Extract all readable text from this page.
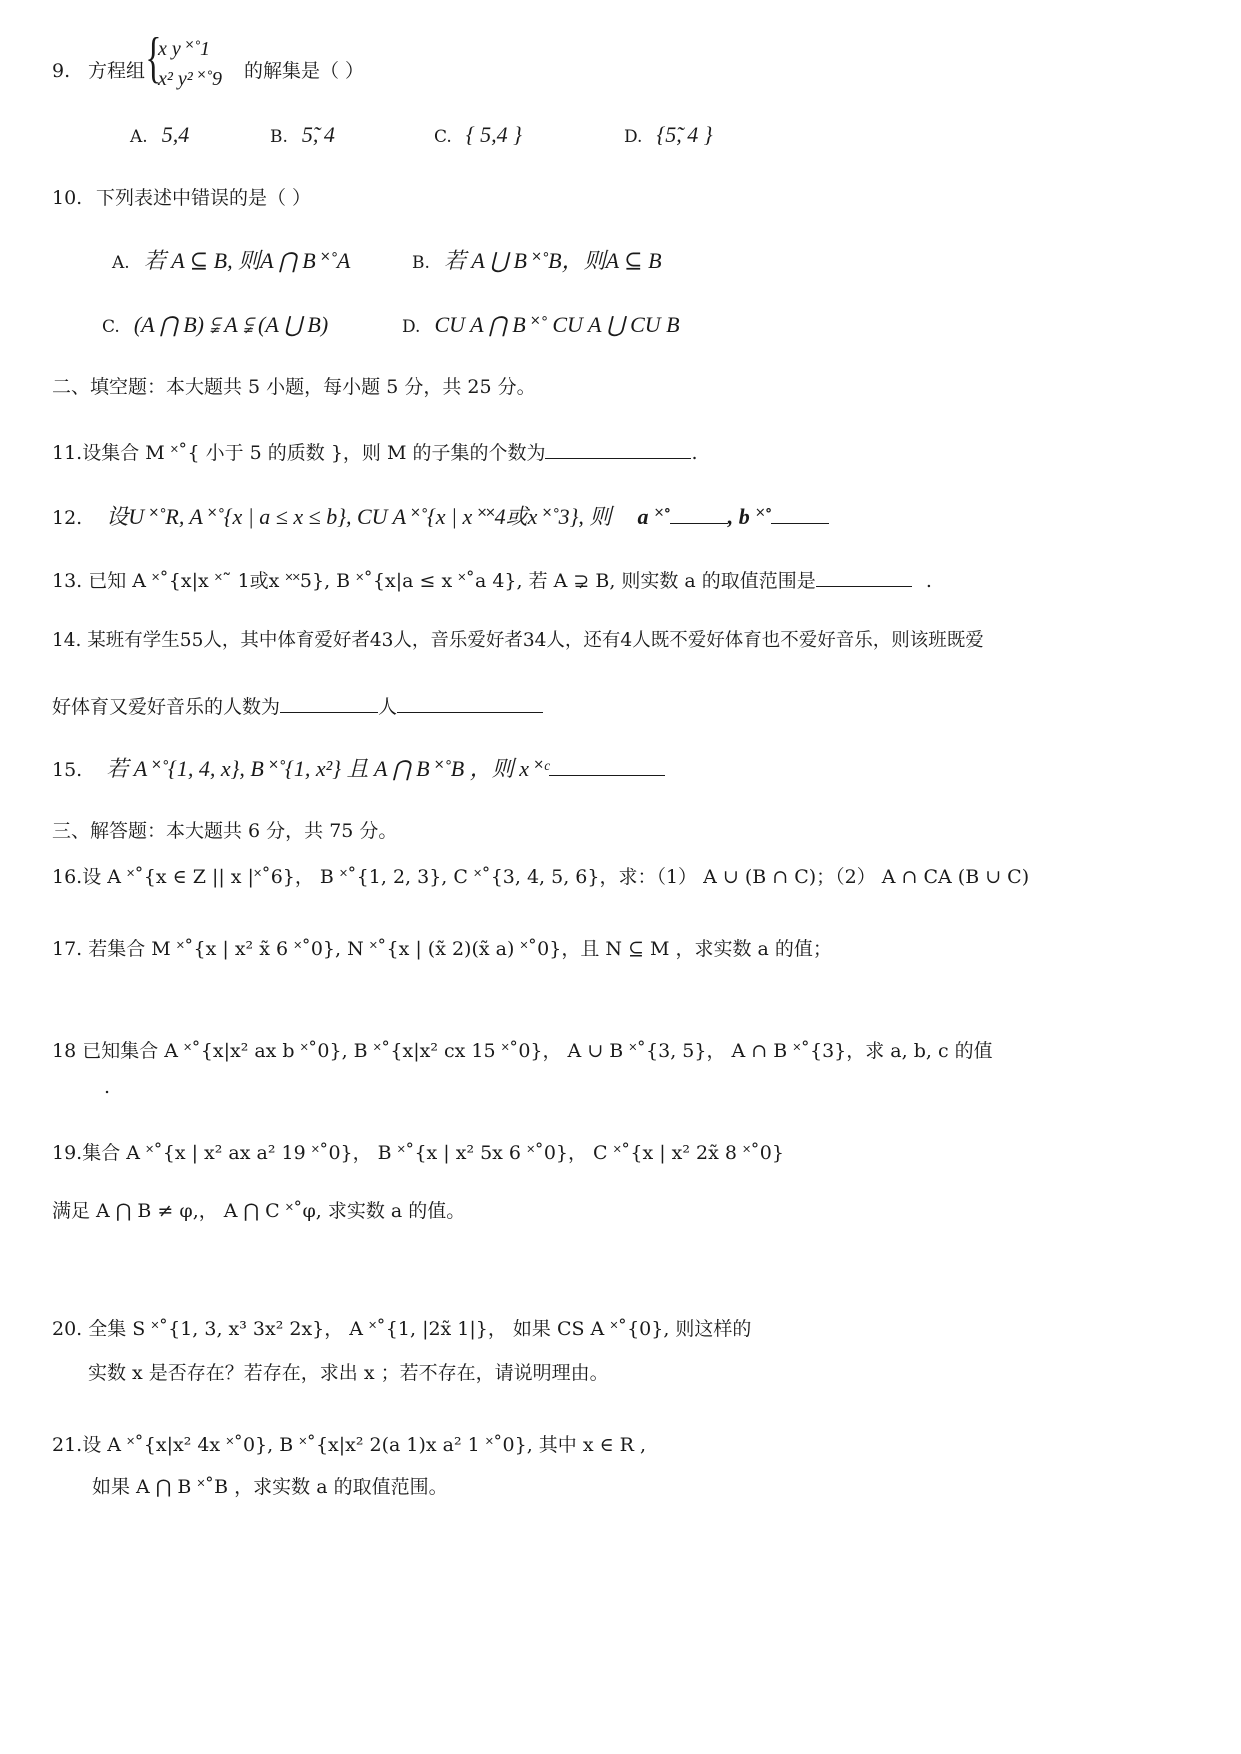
9. 方程组 {
x y ˟˚1
x² y² ˟˚9 的解集是（ ）
A. 5,4	B. 5̃, 4	C. { 5,4 }	D. {5̃, 4 }
10. 下列表述中错误的是（ ）
A. 若 A ⊆ B, 则A ⋂ B ˟˚A	B. 若 A ⋃ B ˟˚B，则A ⊆ B
C. (A ⋂ B) ⫋ A ⫋ (A ⋃ B)	D. CU A ⋂ B ˟˚ CU A ⋃ CU B
二、填空题：本大题共 5 小题，每小题 5 分，共 25 分。
11.设集合 M ˟˚{ 小于 5 的质数 }，则 M 的子集的个数为	.
12. 设U ˟˚R, A ˟˚{x | a ≤ x ≤ b}, CU A ˟˚{x | x ˟˟4或x ˟˚3}, 则 a ˟˚	, b ˟˚
13. 已知 A ˟˚{x|x ˟˜ 1或x ˟˟5}, B ˟˚{x|a ≤ x ˟˚a 4}, 若 A ⊋ B, 则实数 a 的取值范围是	.
14. 某班有学生55人，其中体育爱好者43人，音乐爱好者34人，还有4人既不爱好体育也不爱好音乐，则该班既爱
好体育又爱好音乐的人数为	人
15. 若 A ˟˚{1, 4, x}, B ˟˚{1, x²} 且 A ⋂ B ˟˚B ，则 x ˟ᶜ
三、解答题：本大题共 6 分，共 75 分。
16.设 A ˟˚{x ∈ Z || x |˟˚6}， B ˟˚{1, 2, 3}, C ˟˚{3, 4, 5, 6}，求：（1） A ∪ (B ∩ C)；（2） A ∩ CA (B ∪ C)
17. 若集合 M ˟˚{x | x² x̃ 6 ˟˚0}, N ˟˚{x | (x̃ 2)(x̃ a) ˟˚0}，且 N ⊆ M ，求实数 a 的值；
18 已知集合 A ˟˚{x|x² ax b ˟˚0}, B ˟˚{x|x² cx 15 ˟˚0}， A ∪ B ˟˚{3, 5}， A ∩ B ˟˚{3}，求 a, b, c 的值
.
19.集合 A ˟˚{x | x² ax a² 19 ˟˚0}， B ˟˚{x | x² 5x 6 ˟˚0}， C ˟˚{x | x² 2x̃ 8 ˟˚0}
满足 A ⋂ B ≠ φ,， A ⋂ C ˟˚φ, 求实数 a 的值。
20. 全集 S ˟˚{1, 3, x³ 3x² 2x}， A ˟˚{1, |2x̃ 1|}， 如果 CS A ˟˚{0}, 则这样的
实数 x 是否存在？若存在，求出 x ；若不存在，请说明理由。
21.设 A ˟˚{x|x² 4x ˟˚0}, B ˟˚{x|x² 2(a 1)x a² 1 ˟˚0}, 其中 x ∈ R ,
如果 A ⋂ B ˟˚B ，求实数 a 的取值范围。
